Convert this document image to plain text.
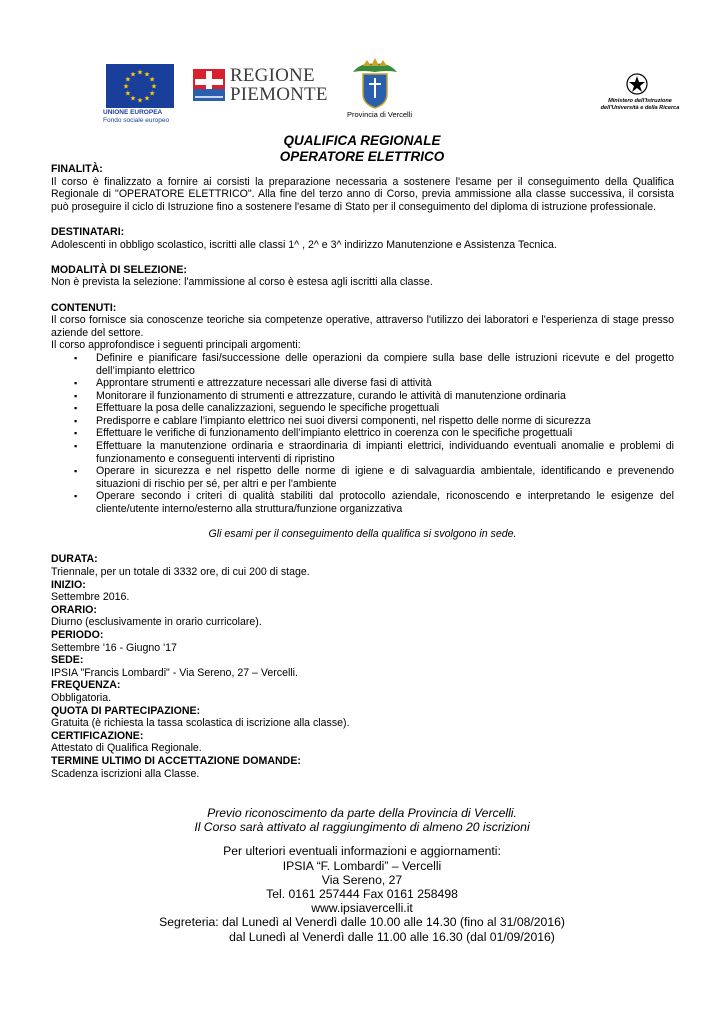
★
★
★
★
★
★
★
★
★ ★ ★
★
UNIONE EUROPEA
Fondo sociale europeo
REGIONE
PIEMONTE
Provincia di Vercelli
Ministero dell'Istruzione
dell'Università e della Ricerca
QUALIFICA REGIONALE
OPERATORE ELETTRICO

FINALITÀ:

Il corso è finalizzato a fornire ai corsisti la preparazione necessaria a sostenere l'esame per il conseguimento della Qualifica Regionale di "OPERATORE ELETTRICO". Alla fine del terzo anno di Corso, previa ammissione alla classe successiva, il corsista può proseguire il ciclo di Istruzione fino a sostenere l'esame di Stato per il conseguimento del diploma di istruzione professionale.

DESTINATARI:

Adolescenti in obbligo scolastico, iscritti alle classi 1^ , 2^ e 3^ indirizzo Manutenzione e Assistenza Tecnica.

MODALITÀ DI SELEZIONE:

Non è prevista la selezione: l'ammissione al corso è estesa agli iscritti alla classe.

CONTENUTI:

Il corso fornisce sia conoscenze teoriche sia competenze operative, attraverso l'utilizzo dei laboratori e l'esperienza di stage presso aziende del settore.

Il corso approfondisce i seguenti principali argomenti:

▪ Definire e pianificare fasi/successione delle operazioni da compiere sulla base delle istruzioni ricevute e del progetto dell’impianto elettrico
▪ Approntare strumenti e attrezzature necessari alle diverse fasi di attività
▪ Monitorare il funzionamento di strumenti e attrezzature, curando le attività di manutenzione ordinaria
▪ Effettuare la posa delle canalizzazioni, seguendo le specifiche progettuali
▪ Predisporre e cablare l’impianto elettrico nei suoi diversi componenti, nel rispetto delle norme di sicurezza
▪ Effettuare le verifiche di funzionamento dell’impianto elettrico in coerenza con le specifiche progettuali
▪ Effettuare la manutenzione ordinaria e straordinaria di impianti elettrici, individuando eventuali anomalie e problemi di funzionamento e conseguenti interventi di ripristino
▪ Operare in sicurezza e nel rispetto delle norme di igiene e di salvaguardia ambientale, identificando e prevenendo situazioni di rischio per sé, per altri e per l'ambiente
▪ Operare secondo i criteri di qualità stabiliti dal protocollo aziendale, riconoscendo e interpretando le esigenze del cliente/utente interno/esterno alla struttura/funzione organizzativa

Gli esami per il conseguimento della qualifica si svolgono in sede.

DURATA:

Triennale, per un totale di 3332 ore, di cui 200 di stage.

INIZIO:

Settembre 2016.

ORARIO:

Diurno (esclusivamente in orario curricolare).

PERIODO:

Settembre '16 - Giugno '17

SEDE:

IPSIA "Francis Lombardi" - Via Sereno, 27 – Vercelli.

FREQUENZA:

Obbligatoria.

QUOTA DI PARTECIPAZIONE:

Gratuita (è richiesta la tassa scolastica di iscrizione alla classe).

CERTIFICAZIONE:

Attestato di Qualifica Regionale.

TERMINE ULTIMO DI ACCETTAZIONE DOMANDE:

Scadenza iscrizioni alla Classe.

Previo riconoscimento da parte della Provincia di Vercelli.
Il Corso sarà attivato al raggiungimento di almeno 20 iscrizioni
Per ulteriori eventuali informazioni e aggiornamenti:
IPSIA “F. Lombardi” – Vercelli
Via Sereno, 27
Tel. 0161 257444 Fax 0161 258498
www.ipsiavercelli.it
Segreteria: dal Lunedì al Venerdì dalle 10.00 alle 14.30 (fino al 31/08/2016)
dal Lunedì al Venerdì dalle 11.00 alle 16.30 (dal 01/09/2016)
